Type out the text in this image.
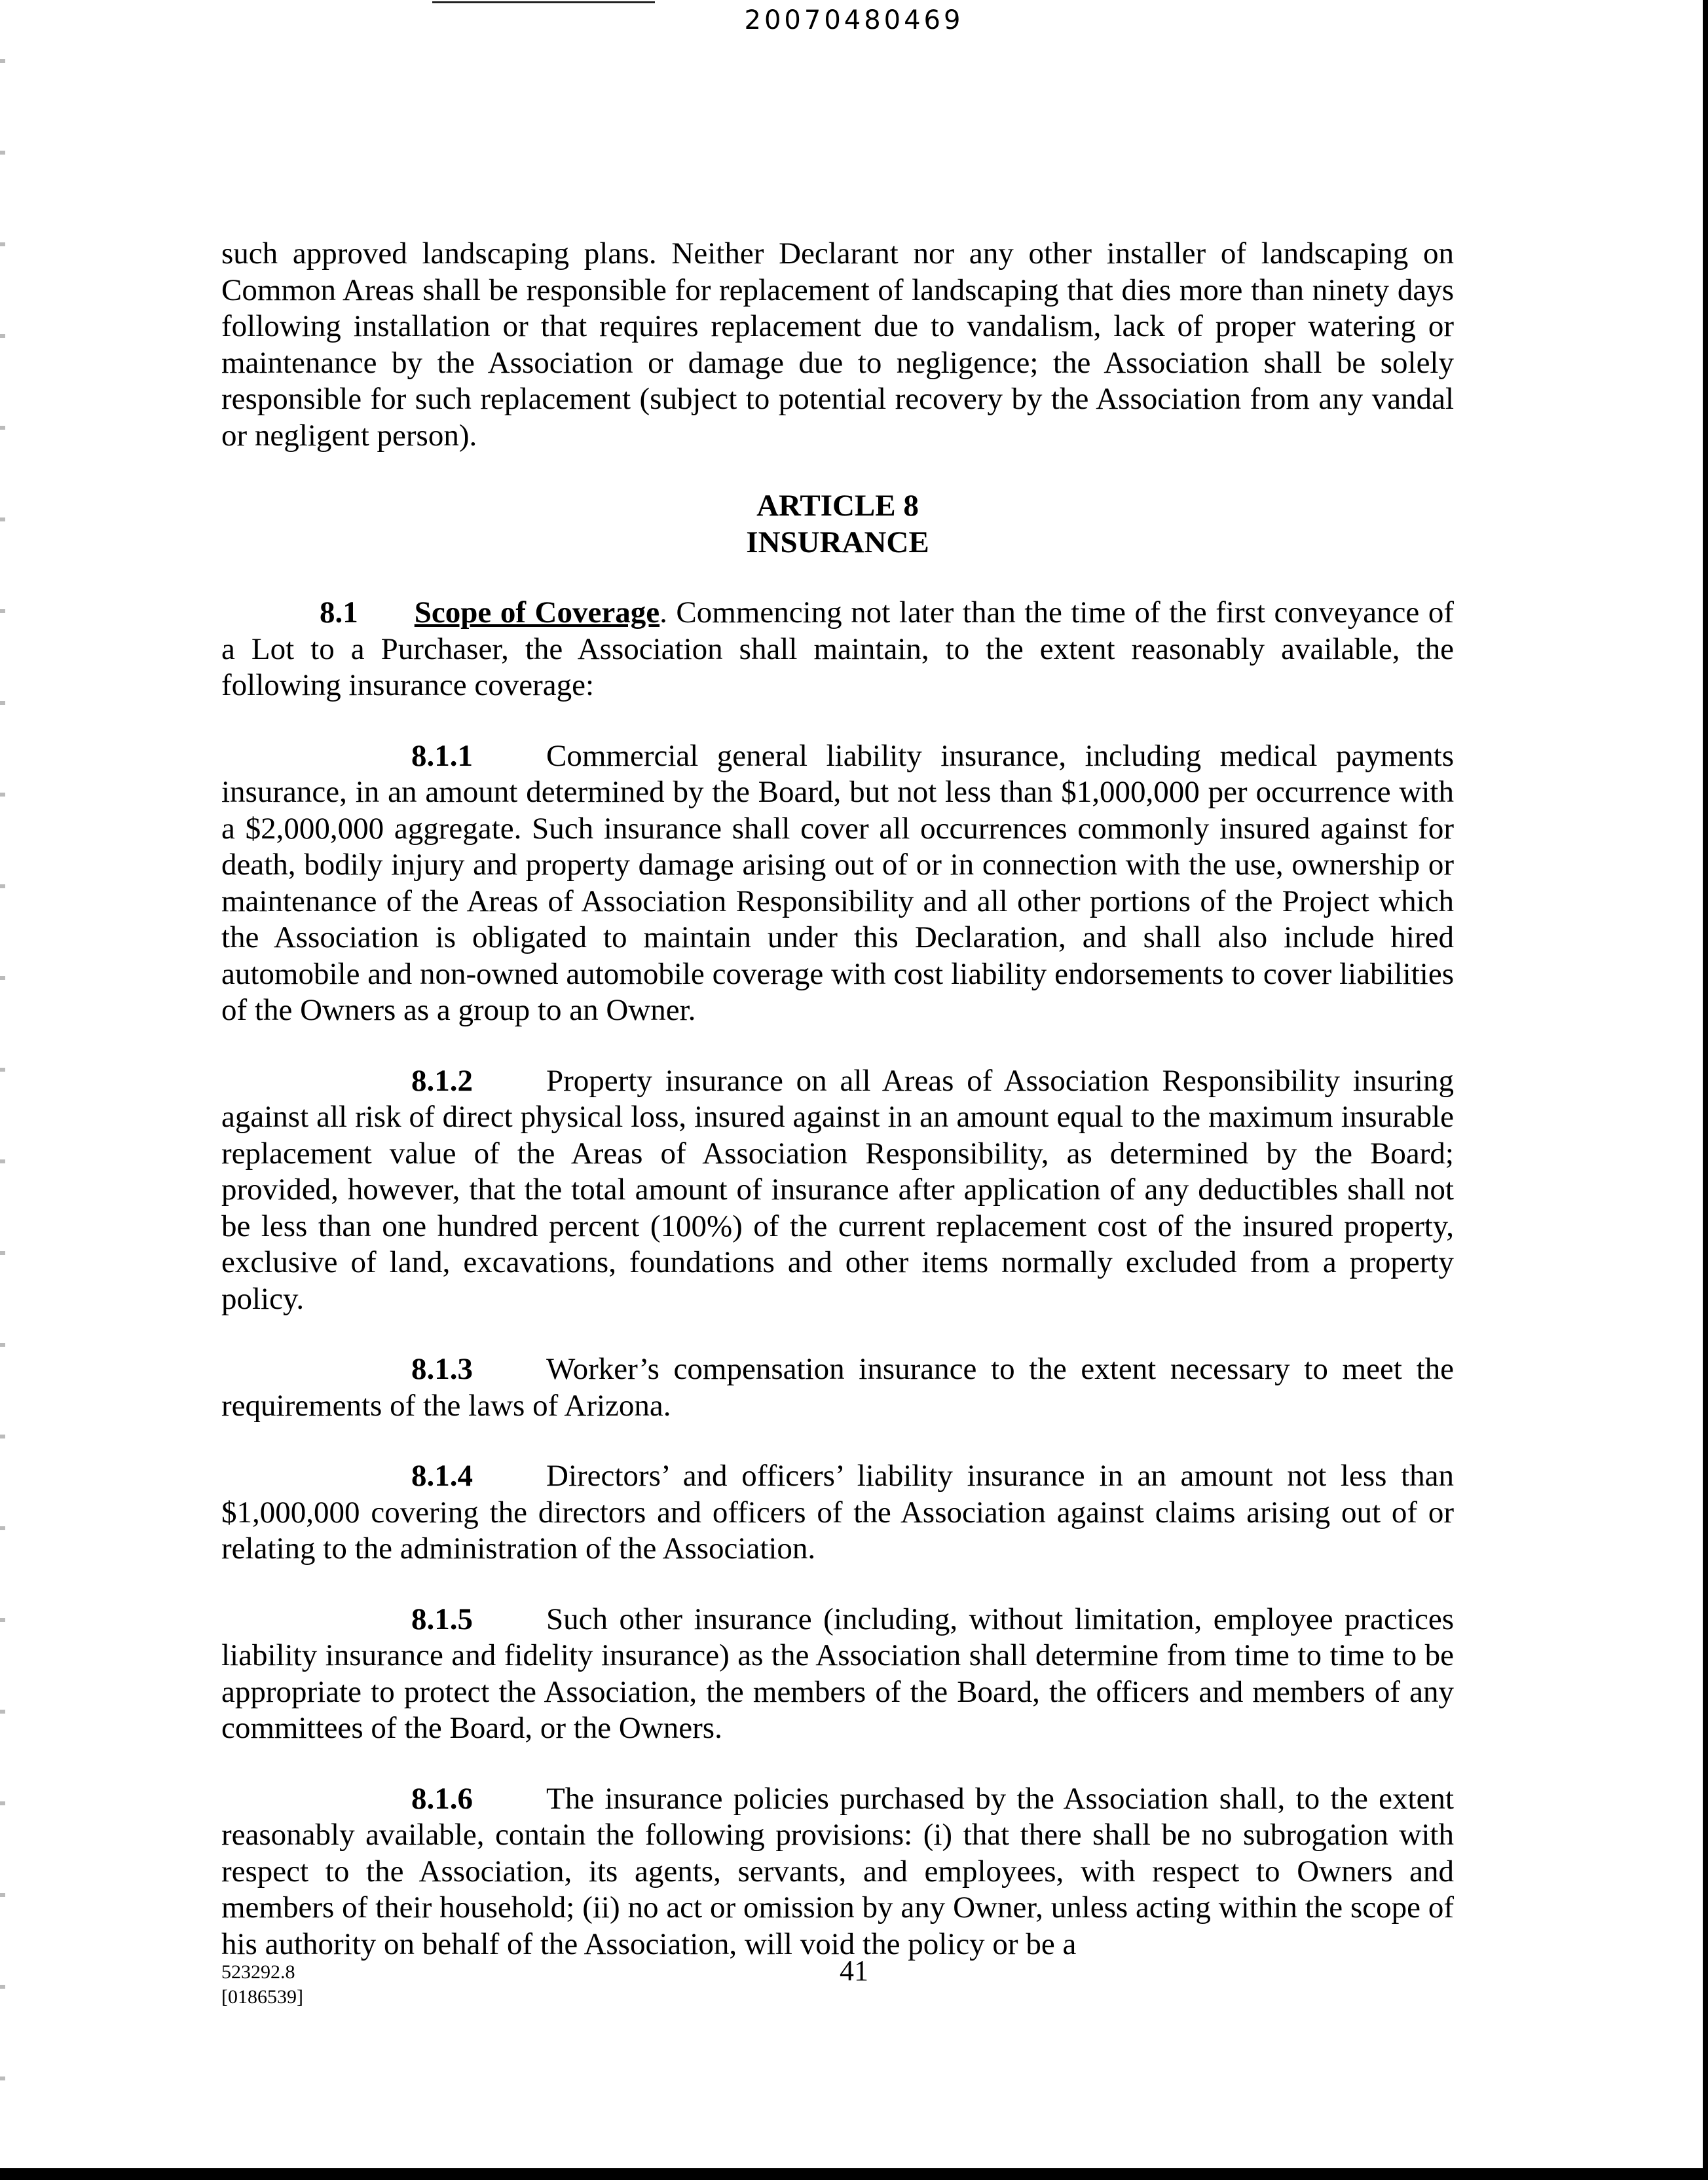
20070480469

such approved landscaping plans. Neither Declarant nor any other installer of landscaping on Common Areas shall be responsible for replacement of landscaping that dies more than ninety days following installation or that requires replacement due to vandalism, lack of proper watering or maintenance by the Association or damage due to negligence; the Association shall be solely responsible for such replacement (subject to potential recovery by the Association from any vandal or negligent person).

ARTICLE 8
INSURANCE

8.1 Scope of Coverage. Commencing not later than the time of the first conveyance of a Lot to a Purchaser, the Association shall maintain, to the extent reasonably available, the following insurance coverage:

8.1.1 Commercial general liability insurance, including medical payments insurance, in an amount determined by the Board, but not less than $1,000,000 per occurrence with a $2,000,000 aggregate. Such insurance shall cover all occurrences commonly insured against for death, bodily injury and property damage arising out of or in connection with the use, ownership or maintenance of the Areas of Association Responsibility and all other portions of the Project which the Association is obligated to maintain under this Declaration, and shall also include hired automobile and non-owned automobile coverage with cost liability endorsements to cover liabilities of the Owners as a group to an Owner.

8.1.2 Property insurance on all Areas of Association Responsibility insuring against all risk of direct physical loss, insured against in an amount equal to the maximum insurable replacement value of the Areas of Association Responsibility, as determined by the Board; provided, however, that the total amount of insurance after application of any deductibles shall not be less than one hundred percent (100%) of the current replacement cost of the insured property, exclusive of land, excavations, foundations and other items normally excluded from a property policy.

8.1.3 Worker’s compensation insurance to the extent necessary to meet the requirements of the laws of Arizona.

8.1.4 Directors’ and officers’ liability insurance in an amount not less than $1,000,000 covering the directors and officers of the Association against claims arising out of or relating to the administration of the Association.

8.1.5 Such other insurance (including, without limitation, employee practices liability insurance and fidelity insurance) as the Association shall determine from time to time to be appropriate to protect the Association, the members of the Board, the officers and members of any committees of the Board, or the Owners.

8.1.6 The insurance policies purchased by the Association shall, to the extent reasonably available, contain the following provisions: (i) that there shall be no subrogation with respect to the Association, its agents, servants, and employees, with respect to Owners and members of their household; (ii) no act or omission by any Owner, unless acting within the scope of his authority on behalf of the Association, will void the policy or be a

523292.8
[0186539]
41
